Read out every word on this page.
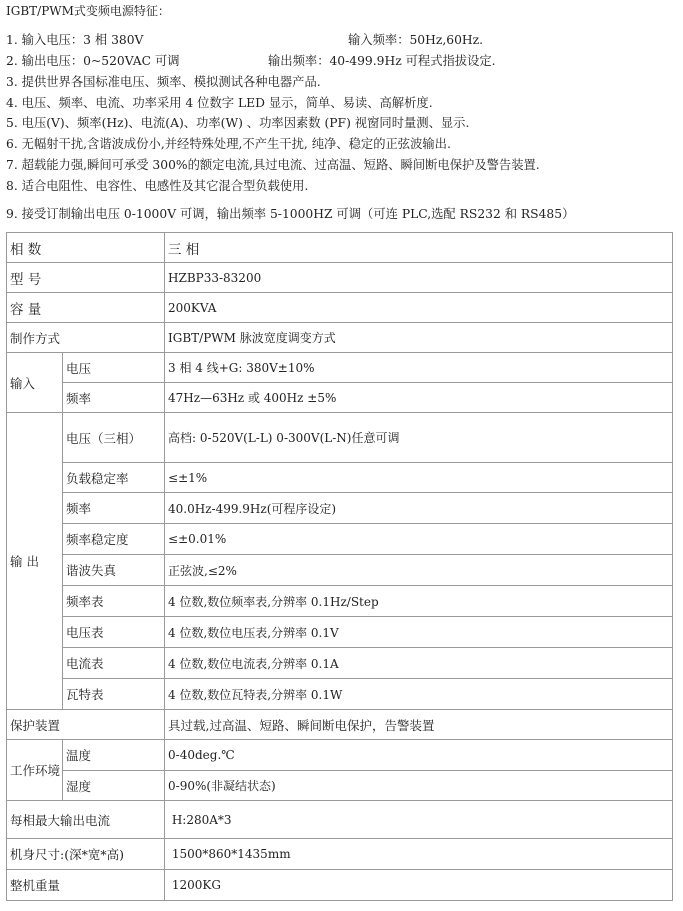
IGBT/PWM式变频电源特征：
1. 输入电压：3 相 380V	输入频率：50Hz,60Hz.
2. 输出电压：0~520VAC 可调	输出频率：40-499.9Hz 可程式指拔设定.
3. 提供世界各国标准电压、频率、模拟测试各种电器产品.
4. 电压、频率、电流、功率采用 4 位数字 LED 显示，简单、易读、高解析度.
5. 电压(V)、频率(Hz)、电流(A)、功率(W) 、功率因素数 (PF) 视窗同时量测、显示.
6. 无幅射干扰,含谐波成份小,并经特殊处理,不产生干扰, 纯净、稳定的正弦波输出.
7. 超载能力强,瞬间可承受 300%的额定电流,具过电流、过高温、短路、瞬间断电保护及警告装置.
8. 适合电阻性、电容性、电感性及其它混合型负载使用.
9. 接受订制输出电压 0-1000V 可调，输出频率 5-1000HZ 可调（可连 PLC,选配 RS232 和 RS485）
相 数		三 相
型 号		HZBP33-83200
容 量		200KVA
制作方式		IGBT/PWM 脉波宽度调变方式
输入	电压	3 相 4 线+G: 380V±10%
	频率	47Hz—63Hz 或 400Hz ±5%
输 出	电压（三相）	高档: 0-520V(L-L) 0-300V(L-N)任意可调
	负载稳定率	≤±1%
	频率	40.0Hz-499.9Hz(可程序设定)
	频率稳定度	≤±0.01%
	谐波失真	正弦波,≤2%
	频率表	4 位数,数位频率表,分辨率 0.1Hz/Step
	电压表	4 位数,数位电压表,分辨率 0.1V
	电流表	4 位数,数位电流表,分辨率 0.1A
	瓦特表	4 位数,数位瓦特表,分辨率 0.1W
保护装置		具过载,过高温、短路、瞬间断电保护，告警装置
工作环境	温度	0-40deg.℃
	湿度	0-90%(非凝结状态)
每相最大输出电流		H:280A*3
机身尺寸:(深*宽*高)		1500*860*1435mm
整机重量		1200KG
